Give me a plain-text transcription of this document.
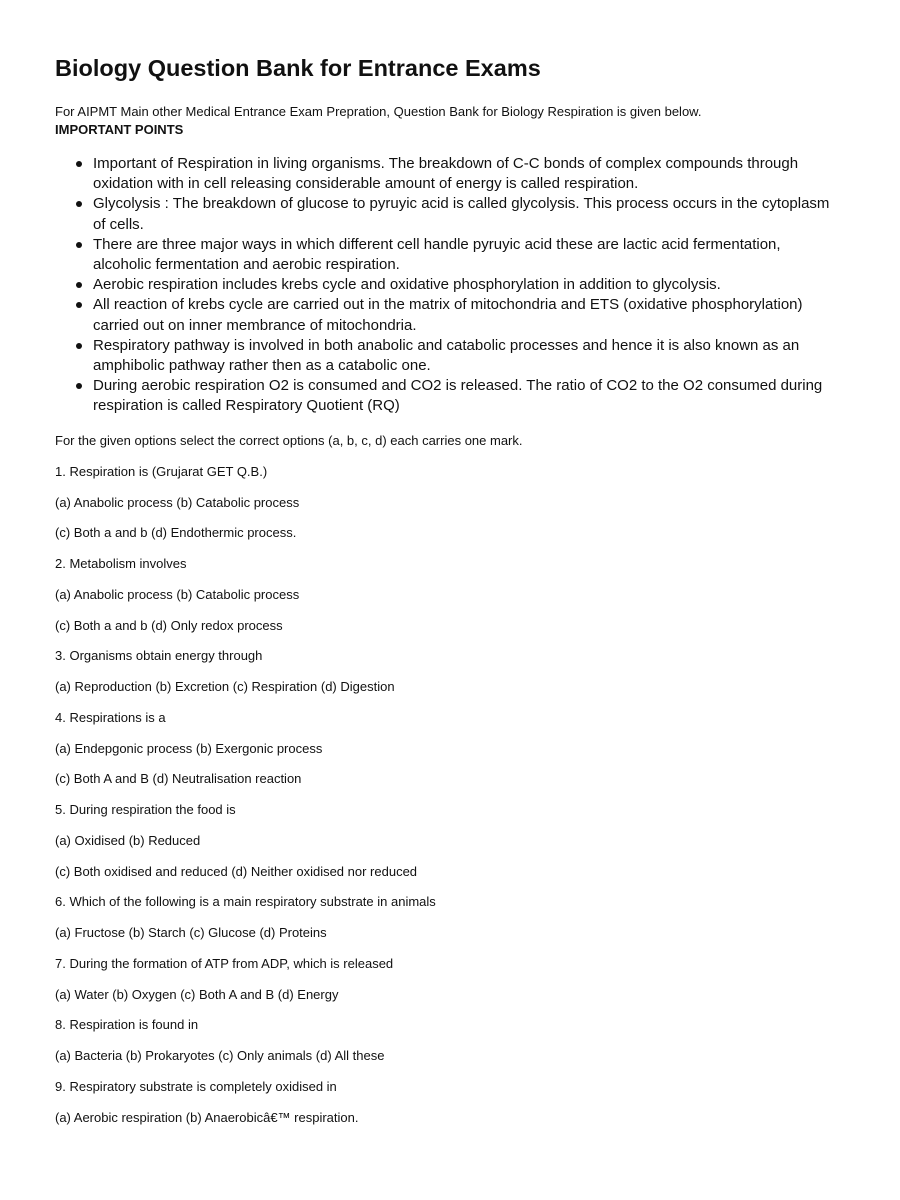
Biology Question Bank for Entrance Exams

For AIPMT Main other Medical Entrance Exam Prepration, Question Bank for Biology Respiration is given below.

IMPORTANT POINTS

Important of Respiration in living organisms. The breakdown of C-C bonds of complex compounds through oxidation with in cell releasing considerable amount of energy is called respiration.
Glycolysis : The breakdown of glucose to pyruyic acid is called glycolysis. This process occurs in the cytoplasm of cells.
There are three major ways in which different cell handle pyruyic acid these are lactic acid fermentation, alcoholic fermentation and aerobic respiration.
Aerobic respiration includes krebs cycle and oxidative phosphorylation in addition to glycolysis.
All reaction of krebs cycle are carried out in the matrix of mitochondria and ETS (oxidative phosphorylation) carried out on inner membrance of mitochondria.
Respiratory pathway is involved in both anabolic and catabolic processes and hence it is also known as an amphibolic pathway rather then as a catabolic one.
During aerobic respiration O2 is consumed and CO2 is released. The ratio of CO2 to the O2 consumed during respiration is called Respiratory Quotient (RQ)

For the given options select the correct options (a, b, c, d) each carries one mark.

1. Respiration is (Grujarat GET Q.B.)

(a) Anabolic process (b) Catabolic process

(c) Both a and b (d) Endothermic process.

2. Metabolism involves

(a) Anabolic process (b) Catabolic process

(c) Both a and b (d) Only redox process

3. Organisms obtain energy through

(a) Reproduction (b) Excretion (c) Respiration (d) Digestion

4. Respirations is a

(a) Endepgonic process (b) Exergonic process

(c) Both A and B (d) Neutralisation reaction

5. During respiration the food is

(a) Oxidised (b) Reduced

(c) Both oxidised and reduced (d) Neither oxidised nor reduced

6. Which of the following is a main respiratory substrate in animals

(a) Fructose (b) Starch (c) Glucose (d) Proteins

7. During the formation of ATP from ADP, which is released

(a) Water (b) Oxygen (c) Both A and B (d) Energy

8. Respiration is found in

(a) Bacteria (b) Prokaryotes (c) Only animals (d) All these

9. Respiratory substrate is completely oxidised in

(a) Aerobic respiration (b) Anaerobicâ€™ respiration.
